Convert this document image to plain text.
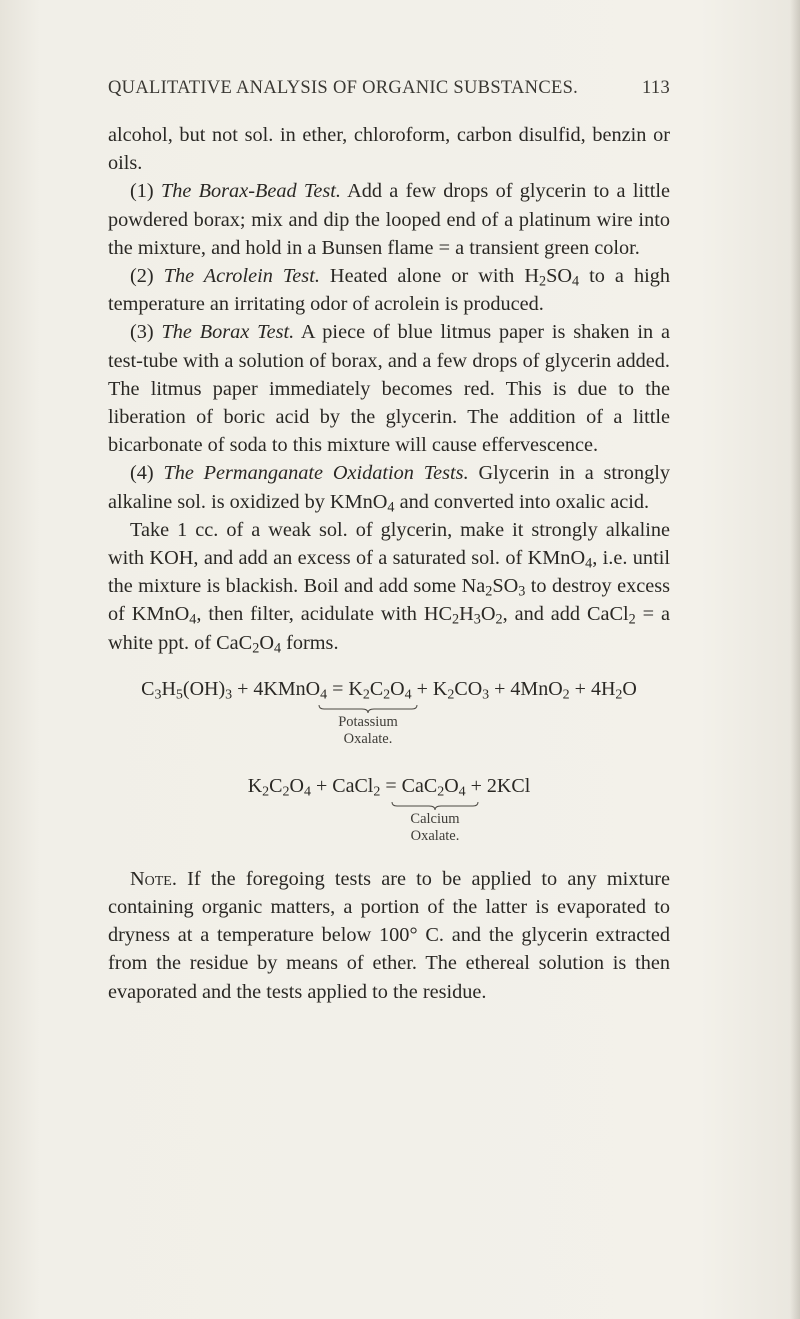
QUALITATIVE ANALYSIS OF ORGANIC SUBSTANCES.	113

alcohol, but not sol. in ether, chloroform, carbon disulfid, benzin or oils.

(1) The Borax-Bead Test. Add a few drops of glycerin to a little powdered borax; mix and dip the looped end of a platinum wire into the mixture, and hold in a Bunsen flame = a transient green color.

(2) The Acrolein Test. Heated alone or with $H_2SO_4$ to a high temperature an irritating odor of acrolein is produced.

(3) The Borax Test. A piece of blue litmus paper is shaken in a test-tube with a solution of borax, and a few drops of glycerin added. The litmus paper immediately becomes red. This is due to the liberation of boric acid by the glycerin. The addition of a little bicarbonate of soda to this mixture will cause effervescence.

(4) The Permanganate Oxidation Tests. Glycerin in a strongly alkaline sol. is oxidized by KMnO$_4$ and converted into oxalic acid.

Take 1 cc. of a weak sol. of glycerin, make it strongly alkaline with KOH, and add an excess of a saturated sol. of KMnO$_4$, i.e. until the mixture is blackish. Boil and add some $Na_2SO_3$ to destroy excess of KMnO$_4$, then filter, acidulate with $HC_2H_3O_2$, and add CaCl$_2$ = a white ppt. of $CaC_2O_4$ forms.

$C_3H_5(OH)_3$ + 4KMnO$_4$ = $K_2C_2O_4 + K_2CO_3 + 4MnO_2 + 4H_2O$
Potassium
Oxalate.
$K_2C_2O_4$ + CaCl$_2$ = $CaC_2O_4 + 2KCl$
Calcium
Oxalate.

Note. If the foregoing tests are to be applied to any mixture containing organic matters, a portion of the latter is evaporated to dryness at a temperature below 100° C. and the glycerin extracted from the residue by means of ether. The ethereal solution is then evaporated and the tests applied to the residue.
